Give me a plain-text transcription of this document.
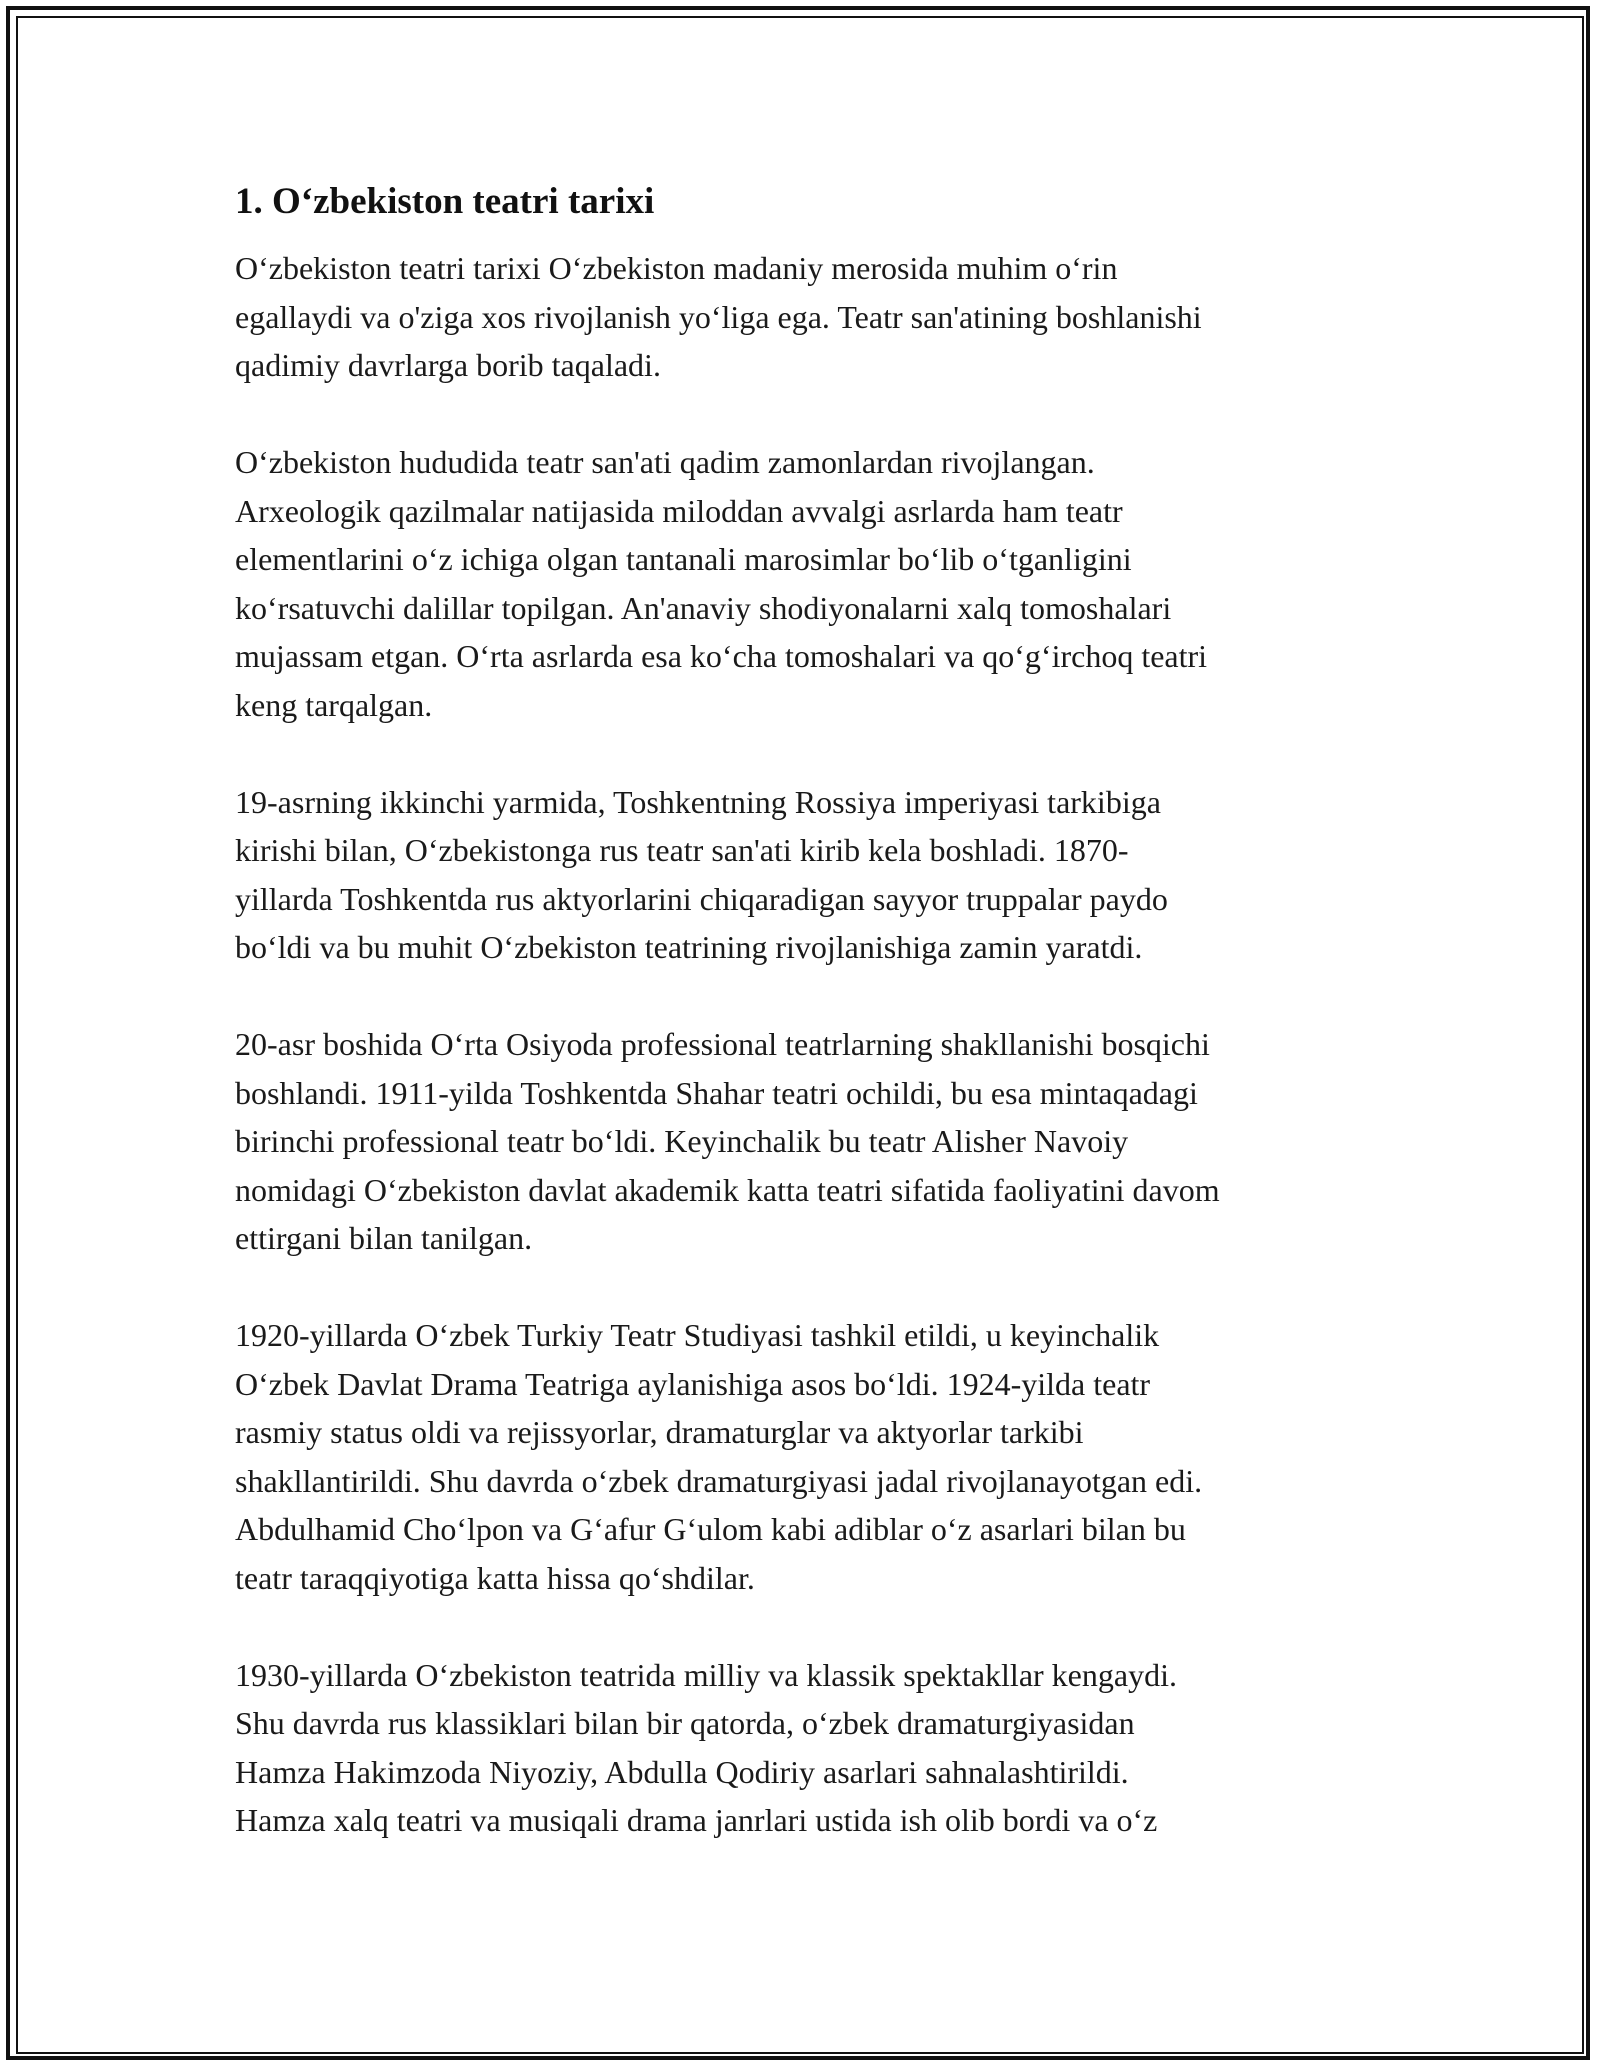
1. O‘zbekiston teatri tarixi

O‘zbekiston teatri tarixi O‘zbekiston madaniy merosida muhim o‘rin
egallaydi va o'ziga xos rivojlanish yo‘liga ega. Teatr san'atining boshlanishi
qadimiy davrlarga borib taqaladi.

O‘zbekiston hududida teatr san'ati qadim zamonlardan rivojlangan.
Arxeologik qazilmalar natijasida miloddan avvalgi asrlarda ham teatr
elementlarini o‘z ichiga olgan tantanali marosimlar bo‘lib o‘tganligini
ko‘rsatuvchi dalillar topilgan. An'anaviy shodiyonalarni xalq tomoshalari
mujassam etgan. O‘rta asrlarda esa ko‘cha tomoshalari va qo‘g‘irchoq teatri
keng tarqalgan.

19-asrning ikkinchi yarmida, Toshkentning Rossiya imperiyasi tarkibiga
kirishi bilan, O‘zbekistonga rus teatr san'ati kirib kela boshladi. 1870-
yillarda Toshkentda rus aktyorlarini chiqaradigan sayyor truppalar paydo
bo‘ldi va bu muhit O‘zbekiston teatrining rivojlanishiga zamin yaratdi.

20-asr boshida O‘rta Osiyoda professional teatrlarning shakllanishi bosqichi
boshlandi. 1911-yilda Toshkentda Shahar teatri ochildi, bu esa mintaqadagi
birinchi professional teatr bo‘ldi. Keyinchalik bu teatr Alisher Navoiy
nomidagi O‘zbekiston davlat akademik katta teatri sifatida faoliyatini davom
ettirgani bilan tanilgan.

1920-yillarda O‘zbek Turkiy Teatr Studiyasi tashkil etildi, u keyinchalik
O‘zbek Davlat Drama Teatriga aylanishiga asos bo‘ldi. 1924-yilda teatr
rasmiy status oldi va rejissyorlar, dramaturglar va aktyorlar tarkibi
shakllantirildi. Shu davrda o‘zbek dramaturgiyasi jadal rivojlanayotgan edi.
Abdulhamid Cho‘lpon va G‘afur G‘ulom kabi adiblar o‘z asarlari bilan bu
teatr taraqqiyotiga katta hissa qo‘shdilar.

1930-yillarda O‘zbekiston teatrida milliy va klassik spektakllar kengaydi.
Shu davrda rus klassiklari bilan bir qatorda, o‘zbek dramaturgiyasidan
Hamza Hakimzoda Niyoziy, Abdulla Qodiriy asarlari sahnalashtirildi.
Hamza xalq teatri va musiqali drama janrlari ustida ish olib bordi va o‘z
